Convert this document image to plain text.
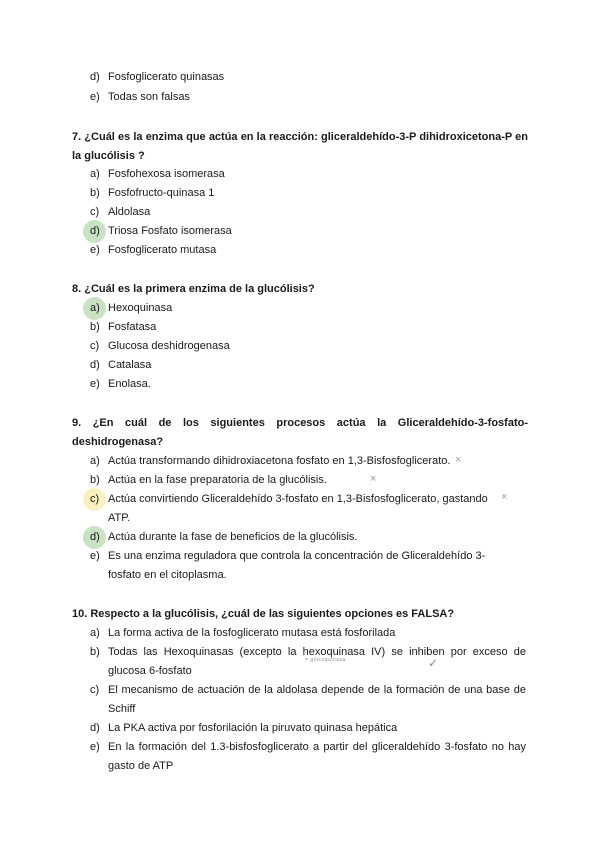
d) Fosfoglicerato quinasas
e) Todas son falsas
7. ¿Cuál es la enzima que actúa en la reacción: gliceraldehído-3-P dihidroxicetona-P en la glucólisis ?
a) Fosfohexosa isomerasa
b) Fosfofructo-quinasa 1
c) Aldolasa
d) Triosa Fosfato isomerasa
e) Fosfoglicerato mutasa
8. ¿Cuál es la primera enzima de la glucólisis?
a) Hexoquinasa
b) Fosfatasa
c) Glucosa deshidrogenasa
d) Catalasa
e) Enolasa.
9. ¿En cuál de los siguientes procesos actúa la Gliceraldehído-3-fosfato-deshidrogenasa?
a) Actúa transformando dihidroxiacetona fosfato en 1,3-Bisfosfoglicerato. ×
b) Actúa en la fase preparatoria de la glucólisis.	×
c) Actúa convirtiendo Gliceraldehído 3-fosfato en 1,3-Bisfosfoglicerato, gastando ATP.
×
d) Actúa durante la fase de beneficios de la glucólisis.
e) Es una enzima reguladora que controla la concentración de Gliceraldehído 3-fosfato en el citoplasma.
10. Respecto a la glucólisis, ¿cuál de las siguientes opciones es FALSA?
a) La forma activa de la fosfoglicerato mutasa está fosforilada
b) Todas las Hexoquinasas (excepto la hexoquinasa IV) se inhiben por exceso de glucosa 6-fosfato
= glucoquinasa	✓
c) El mecanismo de actuación de la aldolasa depende de la formación de una base de Schiff
d) La PKA activa por fosforilación la piruvato quinasa hepática
e) En la formación del 1.3-bisfosfoglicerato a partir del gliceraldehído 3-fosfato no hay gasto de ATP
